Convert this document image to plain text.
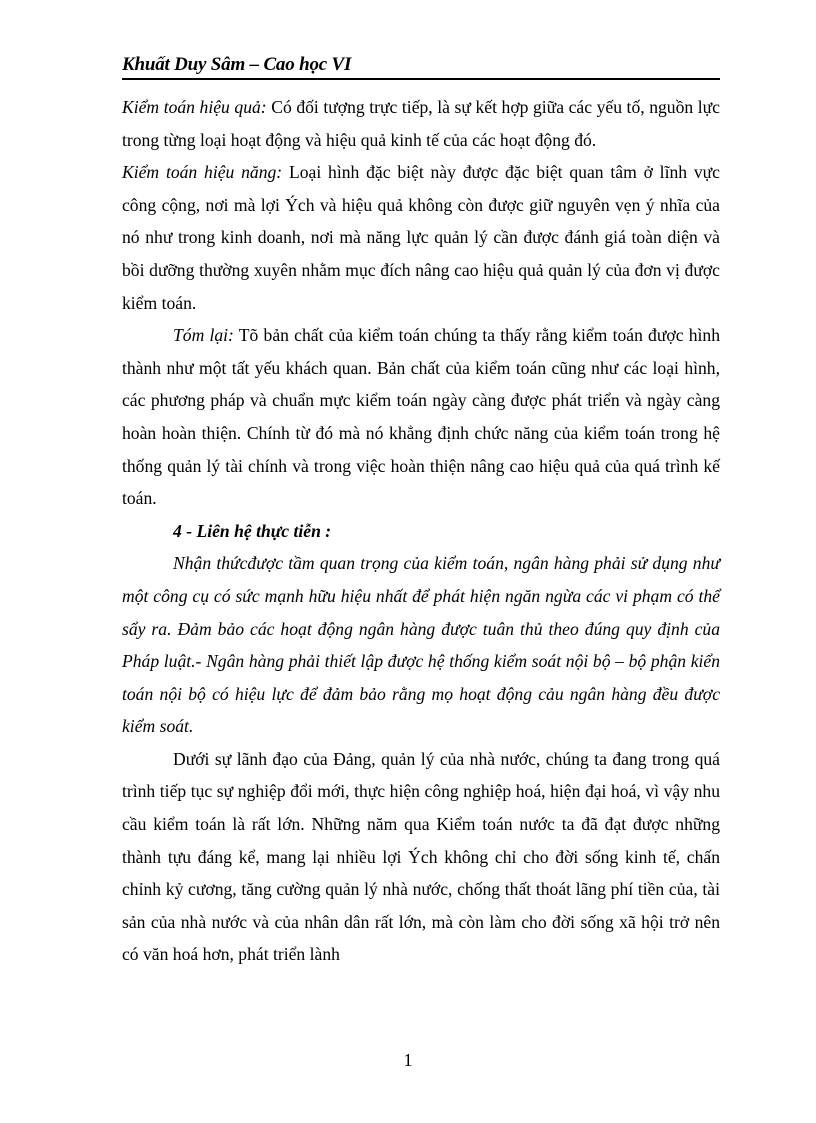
Khuất Duy Sâm – Cao học VI

Kiểm toán hiệu quả: Có đối tượng trực tiếp, là sự kết hợp giữa các yếu tố, nguồn lực trong từng loại hoạt động và hiệu quả kinh tế của các hoạt động đó.

Kiểm toán hiệu năng: Loại hình đặc biệt này được đặc biệt quan tâm ở lĩnh vực công cộng, nơi mà lợi Ých và hiệu quả không còn được giữ nguyên vẹn ý nhĩa của nó như trong kinh doanh, nơi mà năng lực quản lý cần được đánh giá toàn diện và bồi dưỡng thường xuyên nhằm mục đích nâng cao hiệu quả quản lý của đơn vị được kiểm toán.

Tóm lại: Tõ bản chất của kiểm toán chúng ta thấy rằng kiểm toán được hình thành như một tất yếu khách quan. Bản chất của kiểm toán cũng như các loại hình, các phương pháp và chuẩn mực kiểm toán ngày càng được phát triển và ngày càng hoàn hoàn thiện. Chính từ đó mà nó khẳng định chức năng của kiểm toán trong hệ thống quản lý tài chính và trong việc hoàn thiện nâng cao hiệu quả của quá trình kế toán.

4 - Liên hệ thực tiễn :

Nhận thứcđược tầm quan trọng của kiểm toán, ngân hàng phải sử dụng như một công cụ có sức mạnh hữu hiệu nhất để phát hiện ngăn ngừa các vi phạm có thể sẩy ra. Đảm bảo các hoạt động ngân hàng được tuân thủ theo đúng quy định của Pháp luật.- Ngân hàng phải thiết lập được hệ thống kiểm soát nội bộ – bộ phận kiển toán nội bộ có hiệu lực để đảm bảo rằng mọ hoạt động cảu ngân hàng đều được kiểm soát.

Dưới sự lãnh đạo của Đảng, quản lý của nhà nước, chúng ta đang trong quá trình tiếp tục sự nghiệp đổi mới, thực hiện công nghiệp hoá, hiện đại hoá, vì vậy nhu cầu kiểm toán là rất lớn. Những năm qua Kiểm toán nước ta đã đạt được những thành tựu đáng kể, mang lại nhiều lợi Ých không chỉ cho đời sống kinh tế, chấn chỉnh kỷ cương, tăng cường quản lý nhà nước, chống thất thoát lãng phí tiền của, tài sản của nhà nước và của nhân dân rất lớn, mà còn làm cho đời sống xã hội trở nên có văn hoá hơn, phát triển lành

1
